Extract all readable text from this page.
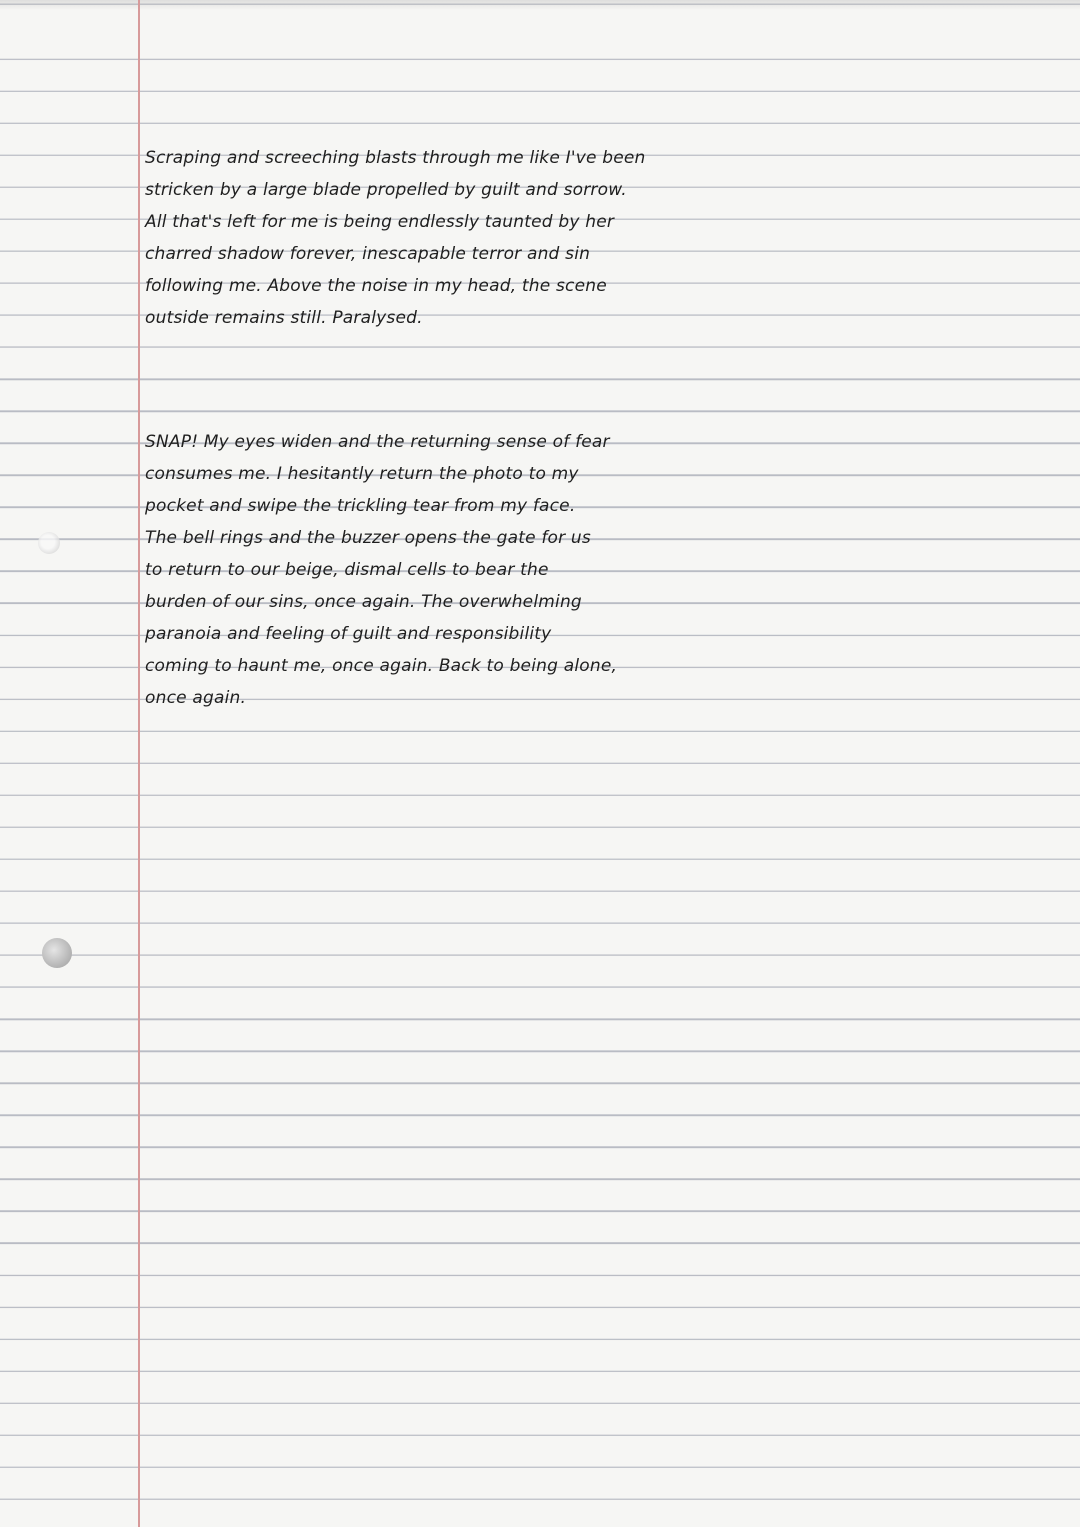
Scraping and screeching blasts through me like I've been
stricken by a large blade propelled by guilt and sorrow.
All that's left for me is being endlessly taunted by her
charred shadow forever, inescapable terror and sin
following me. Above the noise in my head, the scene
outside remains still. Paralysed.
SNAP! My eyes widen and the returning sense of fear
consumes me. I hesitantly return the photo to my
pocket and swipe the trickling tear from my face.
The bell rings and the buzzer opens the gate for us
to return to our beige, dismal cells to bear the
burden of our sins, once again. The overwhelming
paranoia and feeling of guilt and responsibility
coming to haunt me, once again. Back to being alone,
once again.
